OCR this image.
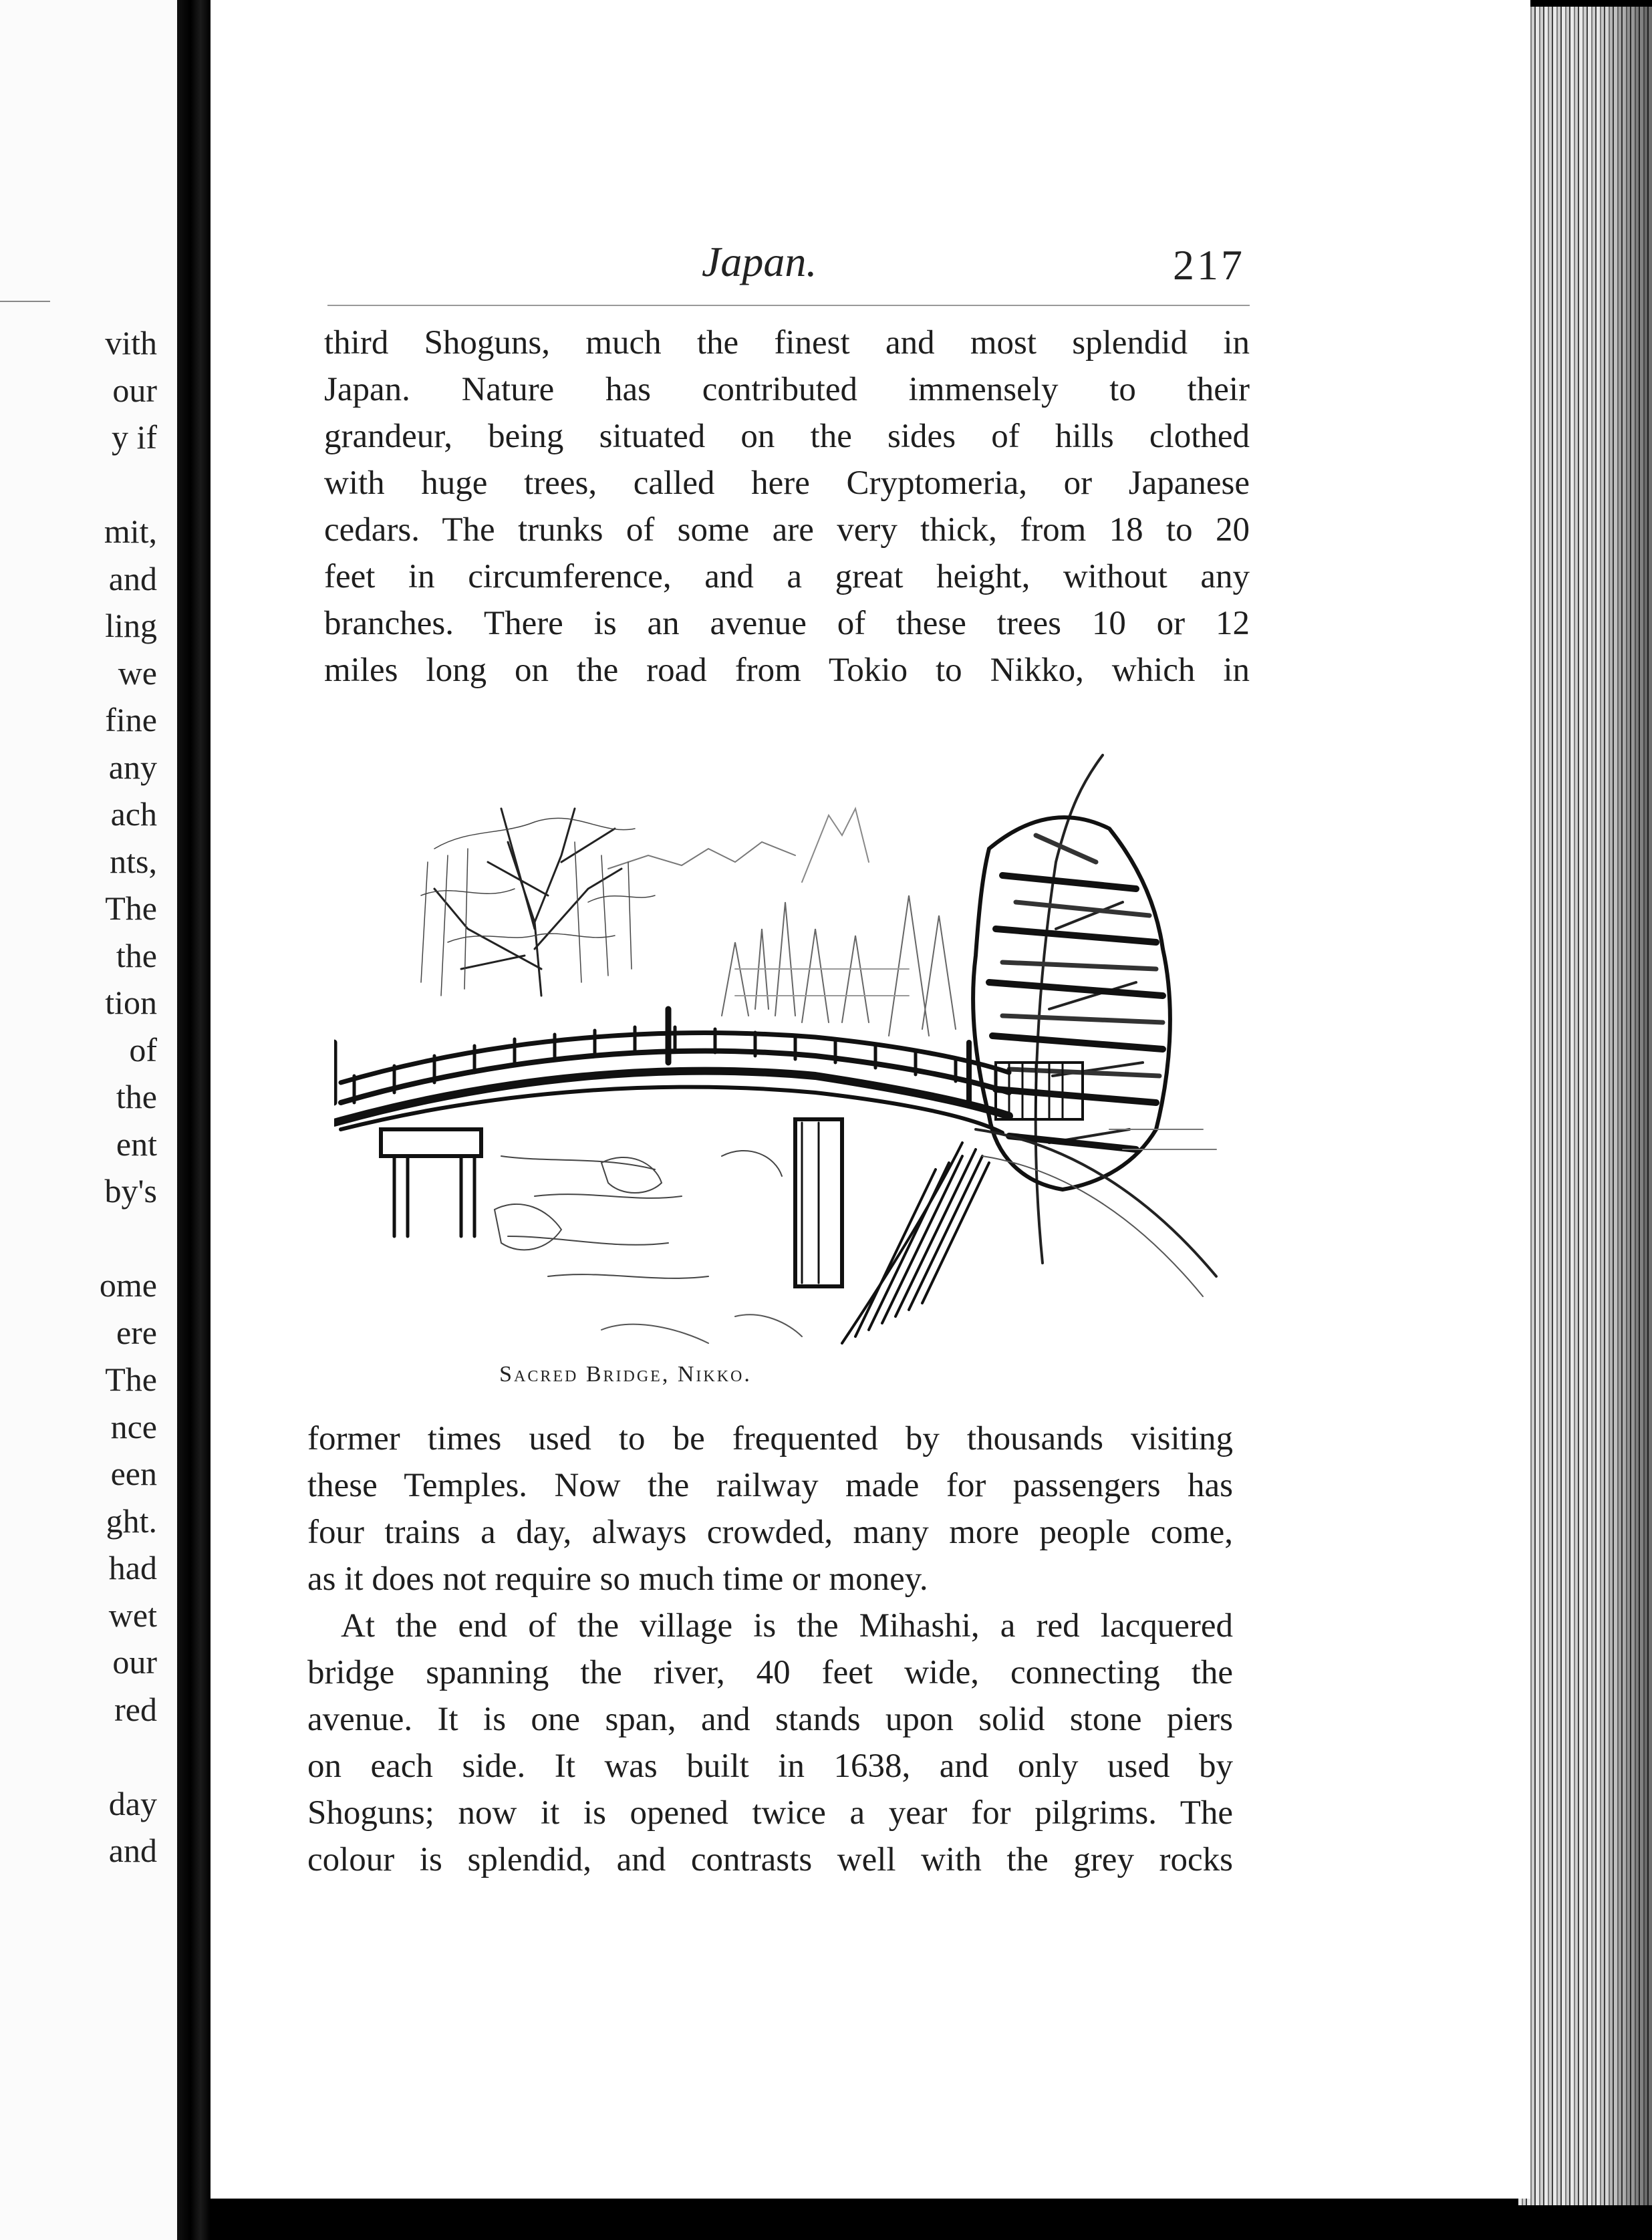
vith
our
y if
mit,
and
ling
we
fine
any
ach
nts,
The
the
tion
of
the
ent
by's
ome
ere
The
nce
een
ght.
had
wet
our
red
day
and
Japan.	217
third Shoguns, much the finest and most splendid in
Japan. Nature has contributed immensely to their
grandeur, being situated on the sides of hills clothed
with huge trees, called here Cryptomeria, or Japanese
cedars. The trunks of some are very thick, from 18 to 20
feet in circumference, and a great height, without any
branches. There is an avenue of these trees 10 or 12
miles long on the road from Tokio to Nikko, which in
Sacred Bridge, Nikko.
former times used to be frequented by thousands visiting
these Temples. Now the railway made for passengers has
four trains a day, always crowded, many more people come,
as it does not require so much time or money.
At the end of the village is the Mihashi, a red lacquered
bridge spanning the river, 40 feet wide, connecting the
avenue. It is one span, and stands upon solid stone piers
on each side. It was built in 1638, and only used by
Shoguns; now it is opened twice a year for pilgrims. The
colour is splendid, and contrasts well with the grey rocks
